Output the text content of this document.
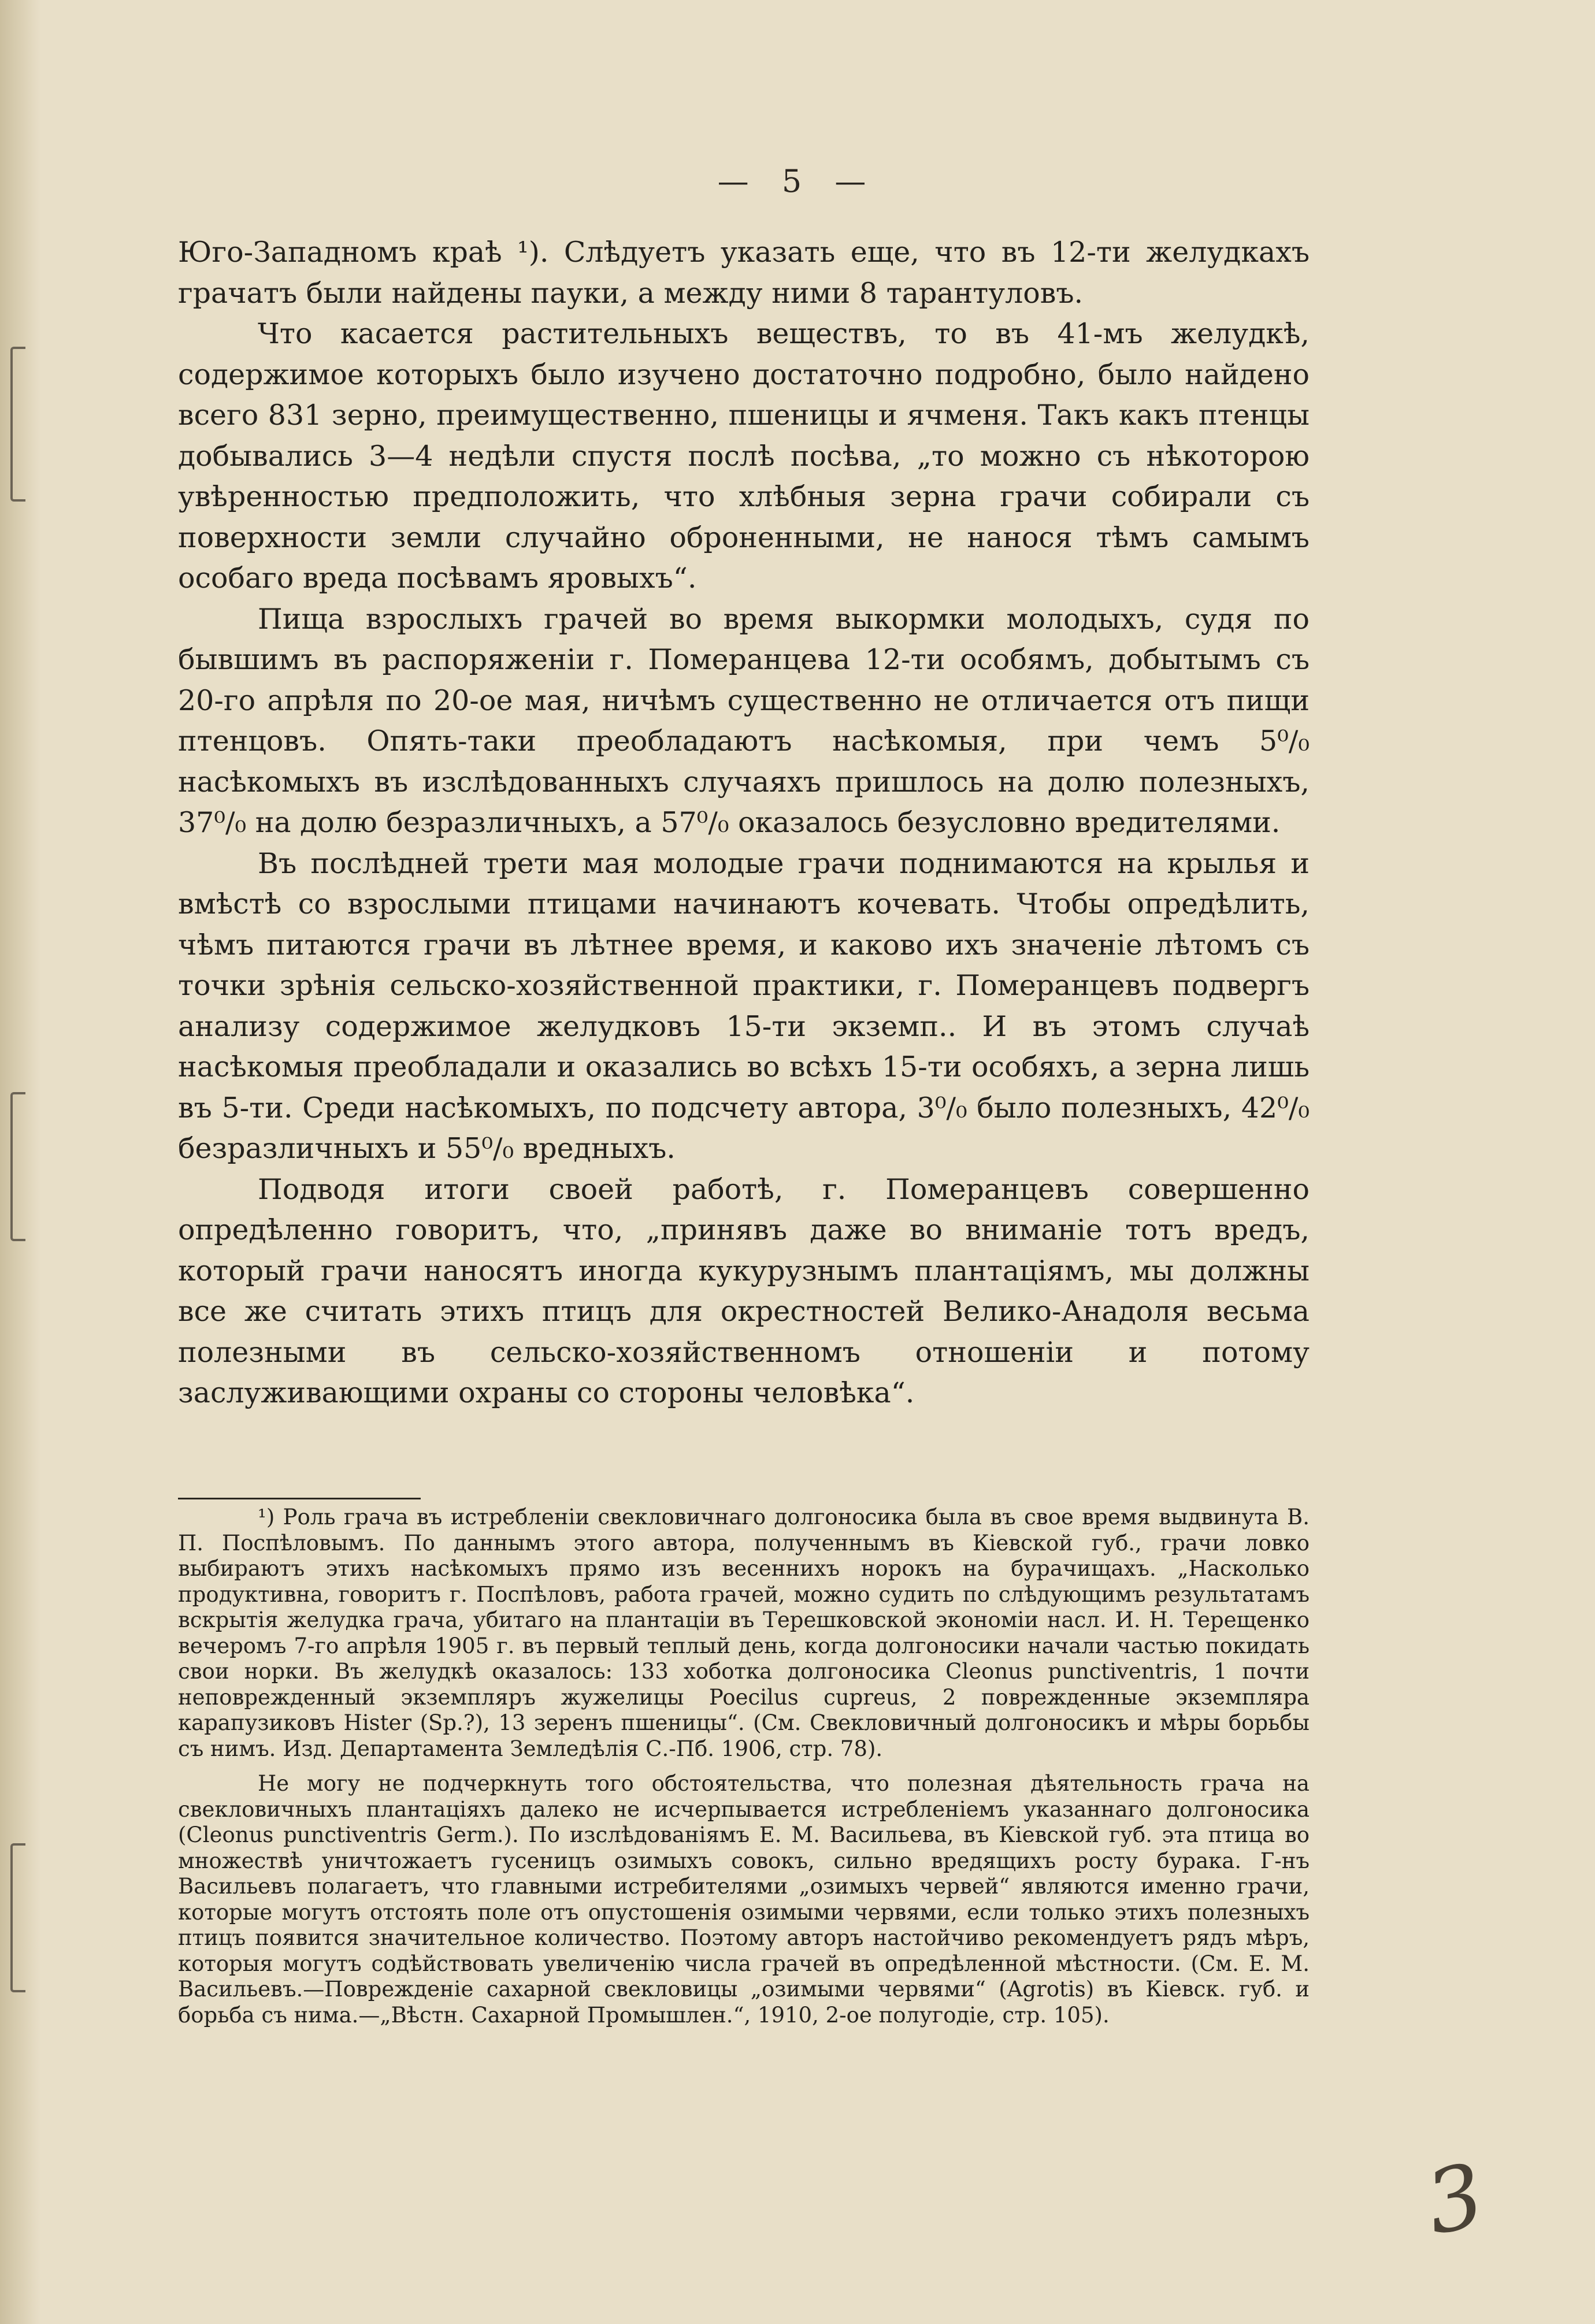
— 5 —

Юго-Западномъ краѣ ¹). Слѣдуетъ указать еще, что въ 12-ти желудкахъ грачатъ были найдены пауки, а между ними 8 тарантуловъ.

Что касается растительныхъ веществъ, то въ 41-мъ желудкѣ, содержимое которыхъ было изучено достаточно подробно, было найдено всего 831 зерно, преимущественно, пшеницы и ячменя. Такъ какъ птенцы добывались 3—4 недѣли спустя послѣ посѣва, „то можно съ нѣкоторою увѣренностью предположить, что хлѣбныя зерна грачи собирали съ поверхности земли случайно оброненными, не нанося тѣмъ самымъ особаго вреда посѣвамъ яровыхъ“.

Пища взрослыхъ грачей во время выкормки молодыхъ, судя по бывшимъ въ распоряженіи г. Померанцева 12-ти особямъ, добытымъ съ 20-го апрѣля по 20-ое мая, ничѣмъ существенно не отличается отъ пищи птенцовъ. Опять-таки преобладаютъ насѣкомыя, при чемъ 5⁰/₀ насѣкомыхъ въ изслѣдованныхъ случаяхъ пришлось на долю полезныхъ, 37⁰/₀ на долю безразличныхъ, а 57⁰/₀ оказалось безусловно вредителями.

Въ послѣдней трети мая молодые грачи поднимаются на крылья и вмѣстѣ со взрослыми птицами начинаютъ кочевать. Чтобы опредѣлить, чѣмъ питаются грачи въ лѣтнее время, и каково ихъ значеніе лѣтомъ съ точки зрѣнія сельско-хозяйственной практики, г. Померанцевъ подвергъ анализу содержимое желудковъ 15-ти экземп.. И въ этомъ случаѣ насѣкомыя преобладали и оказались во всѣхъ 15-ти особяхъ, а зерна лишь въ 5-ти. Среди насѣкомыхъ, по подсчету автора, 3⁰/₀ было полезныхъ, 42⁰/₀ безразличныхъ и 55⁰/₀ вредныхъ.

Подводя итоги своей работѣ, г. Померанцевъ совершенно опредѣленно говоритъ, что, „принявъ даже во вниманіе тотъ вредъ, который грачи наносятъ иногда кукурузнымъ плантаціямъ, мы должны все же считать этихъ птицъ для окрестностей Велико-Анадоля весьма полезными въ сельско-хозяйственномъ отношеніи и потому заслуживающими охраны со стороны человѣка“.

¹) Роль грача въ истребленіи свекловичнаго долгоносика была въ свое время выдвинута В. П. Поспѣловымъ. По даннымъ этого автора, полученнымъ въ Кіевской губ., грачи ловко выбираютъ этихъ насѣкомыхъ прямо изъ весеннихъ норокъ на бурачищахъ. „Насколько продуктивна, говоритъ г. Поспѣловъ, работа грачей, можно судить по слѣдующимъ результатамъ вскрытія желудка грача, убитаго на плантаціи въ Терешковской экономіи насл. И. Н. Терещенко вечеромъ 7-го апрѣля 1905 г. въ первый теплый день, когда долгоносики начали частью покидать свои норки. Въ желудкѣ оказалось: 133 хоботка долгоносика Cleonus punctiventris, 1 почти неповрежденный экземпляръ жужелицы Poecilus cupreus, 2 поврежденные экземпляра карапузиковъ Hister (Sp.?), 13 зеренъ пшеницы“. (См. Свекловичный долгоносикъ и мѣры борьбы съ нимъ. Изд. Департамента Земледѣлія С.-Пб. 1906, стр. 78).

Не могу не подчеркнуть того обстоятельства, что полезная дѣятельность грача на свекловичныхъ плантаціяхъ далеко не исчерпывается истребленіемъ указаннаго долгоносика (Cleonus punctiventris Germ.). По изслѣдованіямъ Е. М. Васильева, въ Кіевской губ. эта птица во множествѣ уничтожаетъ гусеницъ озимыхъ совокъ, сильно вредящихъ росту бурака. Г-нъ Васильевъ полагаетъ, что главными истребителями „озимыхъ червей“ являются именно грачи, которые могутъ отстоять поле отъ опустошенія озимыми червями, если только этихъ полезныхъ птицъ появится значительное количество. Поэтому авторъ настойчиво рекомендуетъ рядъ мѣръ, которыя могутъ содѣйствовать увеличенію числа грачей въ опредѣленной мѣстности. (См. Е. М. Васильевъ.—Поврежденіе сахарной свекловицы „озимыми червями“ (Agrotis) въ Кіевск. губ. и борьба съ нима.—„Вѣстн. Сахарной Промышлен.“, 1910, 2-ое полугодіе, стр. 105).

3
